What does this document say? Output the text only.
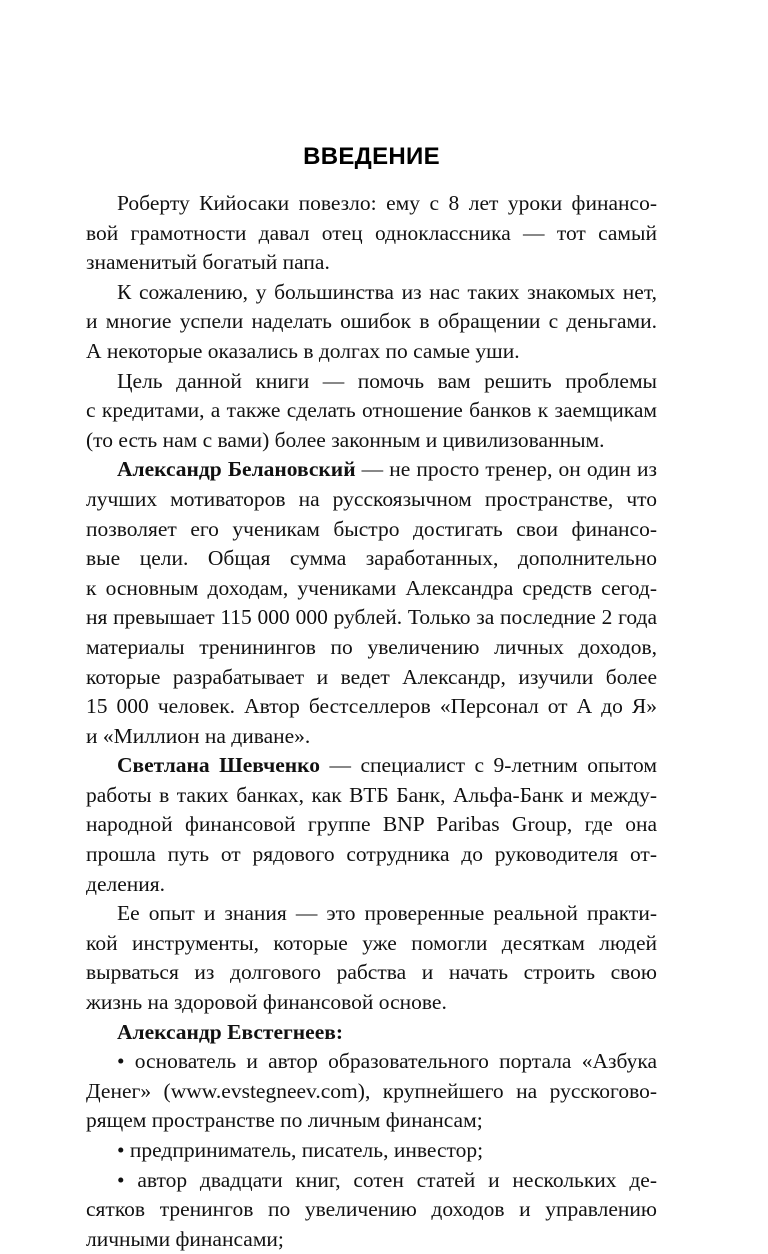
ВВЕДЕНИЕ
Роберту Кийосаки повезло: ему с 8 лет уроки финансо-
вой грамотности давал отец одноклассника — тот самый
знаменитый богатый папа.
К сожалению, у большинства из нас таких знакомых нет,
и многие успели наделать ошибок в обращении с деньгами.
А некоторые оказались в долгах по самые уши.
Цель данной книги — помочь вам решить проблемы
с кредитами, а также сделать отношение банков к заемщикам
(то есть нам с вами) более законным и цивилизованным.
Александр Белановский — не просто тренер, он один из
лучших мотиваторов на русскоязычном пространстве, что
позволяет его ученикам быстро достигать свои финансо-
вые цели. Общая сумма заработанных, дополнительно
к основным доходам, учениками Александра средств сегод-
ня превышает 115 000 000 рублей. Только за последние 2 года
материалы тренинингов по увеличению личных доходов,
которые разрабатывает и ведет Александр, изучили более
15 000 человек. Автор бестселлеров «Персонал от А до Я»
и «Миллион на диване».
Светлана Шевченко — специалист с 9-летним опытом
работы в таких банках, как ВТБ Банк, Альфа-Банк и между-
народной финансовой группе BNP Paribas Group, где она
прошла путь от рядового сотрудника до руководителя от-
деления.
Ее опыт и знания — это проверенные реальной практи-
кой инструменты, которые уже помогли десяткам людей
вырваться из долгового рабства и начать строить свою
жизнь на здоровой финансовой основе.
Александр Евстегнеев:
• основатель и автор образовательного портала «Азбука
Денег» (www.evstegneev.com), крупнейшего на русскогово-
рящем пространстве по личным финансам;
• предприниматель, писатель, инвестор;
• автор двадцати книг, сотен статей и нескольких де-
сятков тренингов по увеличению доходов и управлению
личными финансами;
